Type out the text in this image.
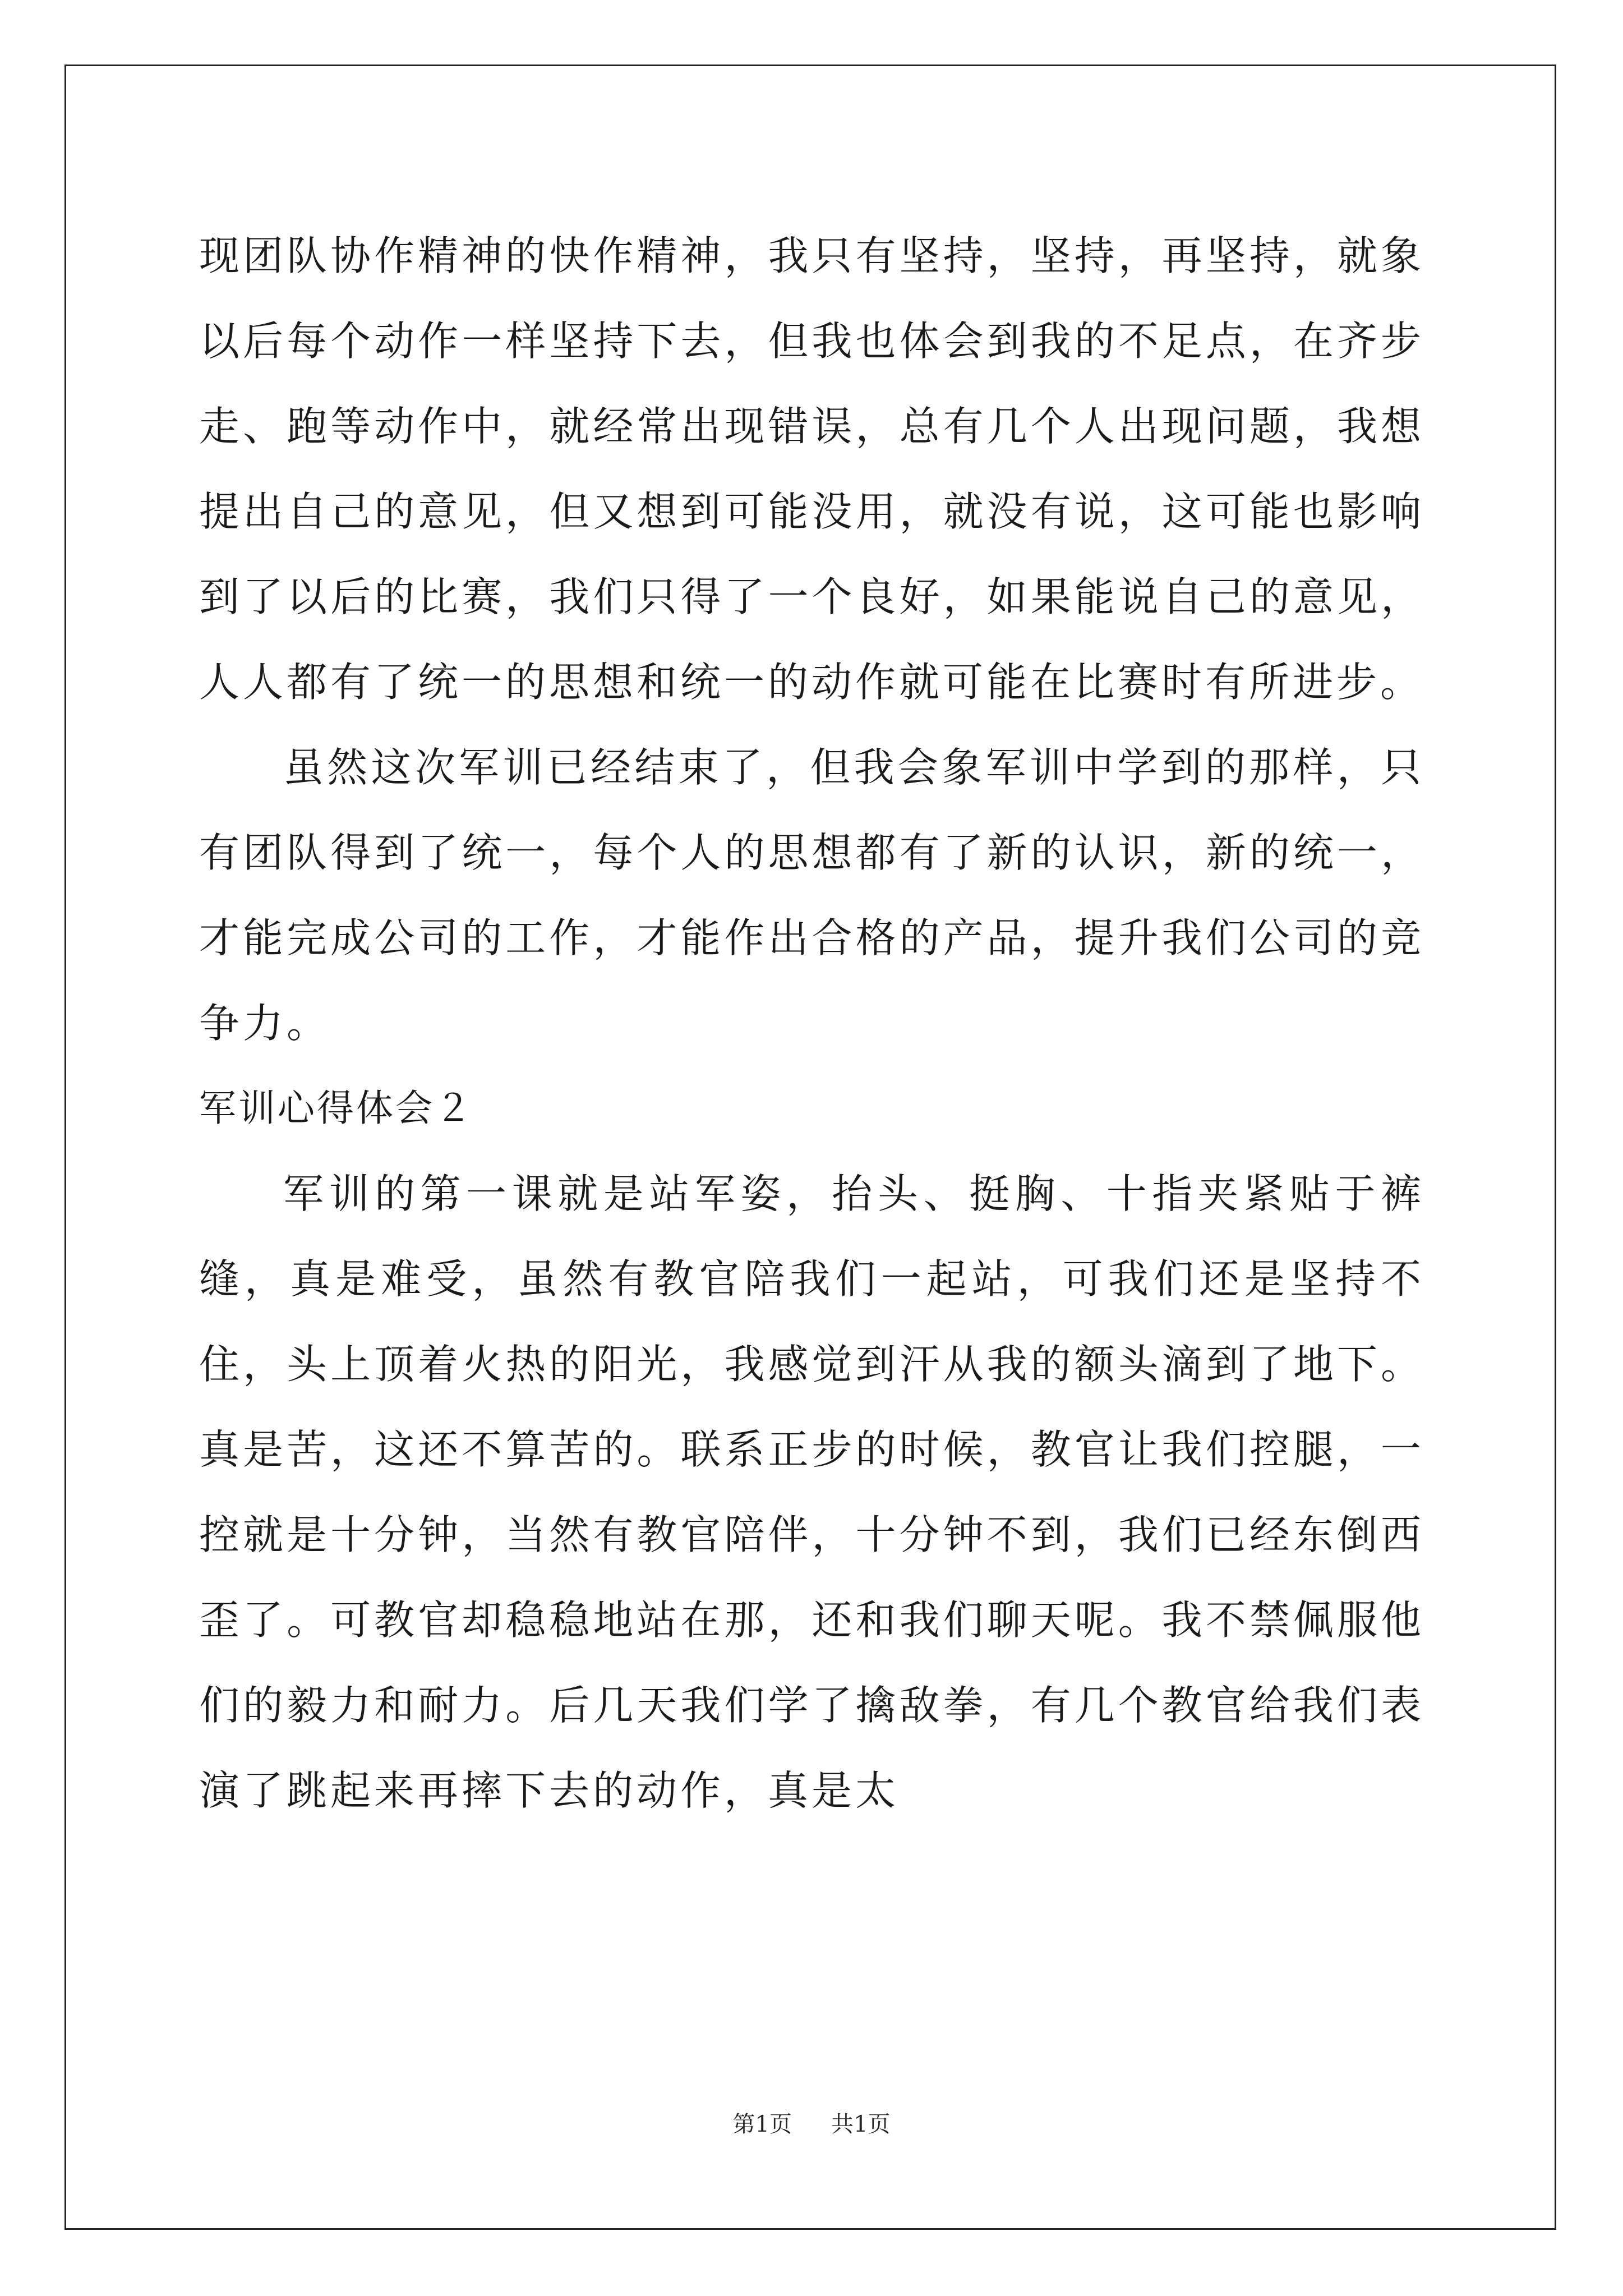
现团队协作精神的快作精神，我只有坚持，坚持，再坚持，就象以后每个动作一样坚持下去，但我也体会到我的不足点，在齐步走、跑等动作中，就经常出现错误，总有几个人出现问题，我想提出自己的意见，但又想到可能没用，就没有说，这可能也影响到了以后的比赛，我们只得了一个良好，如果能说自己的意见，人人都有了统一的思想和统一的动作就可能在比赛时有所进步。

虽然这次军训已经结束了，但我会象军训中学到的那样，只有团队得到了统一，每个人的思想都有了新的认识，新的统一，才能完成公司的工作，才能作出合格的产品，提升我们公司的竞争力。

军训心得体会２

军训的第一课就是站军姿，抬头、挺胸、十指夹紧贴于裤缝，真是难受，虽然有教官陪我们一起站，可我们还是坚持不住，头上顶着火热的阳光，我感觉到汗从我的额头滴到了地下。真是苦，这还不算苦的。联系正步的时候，教官让我们控腿，一控就是十分钟，当然有教官陪伴，十分钟不到，我们已经东倒西歪了。可教官却稳稳地站在那，还和我们聊天呢。我不禁佩服他们的毅力和耐力。后几天我们学了擒敌拳，有几个教官给我们表演了跳起来再摔下去的动作，真是太

第1页 共1页
